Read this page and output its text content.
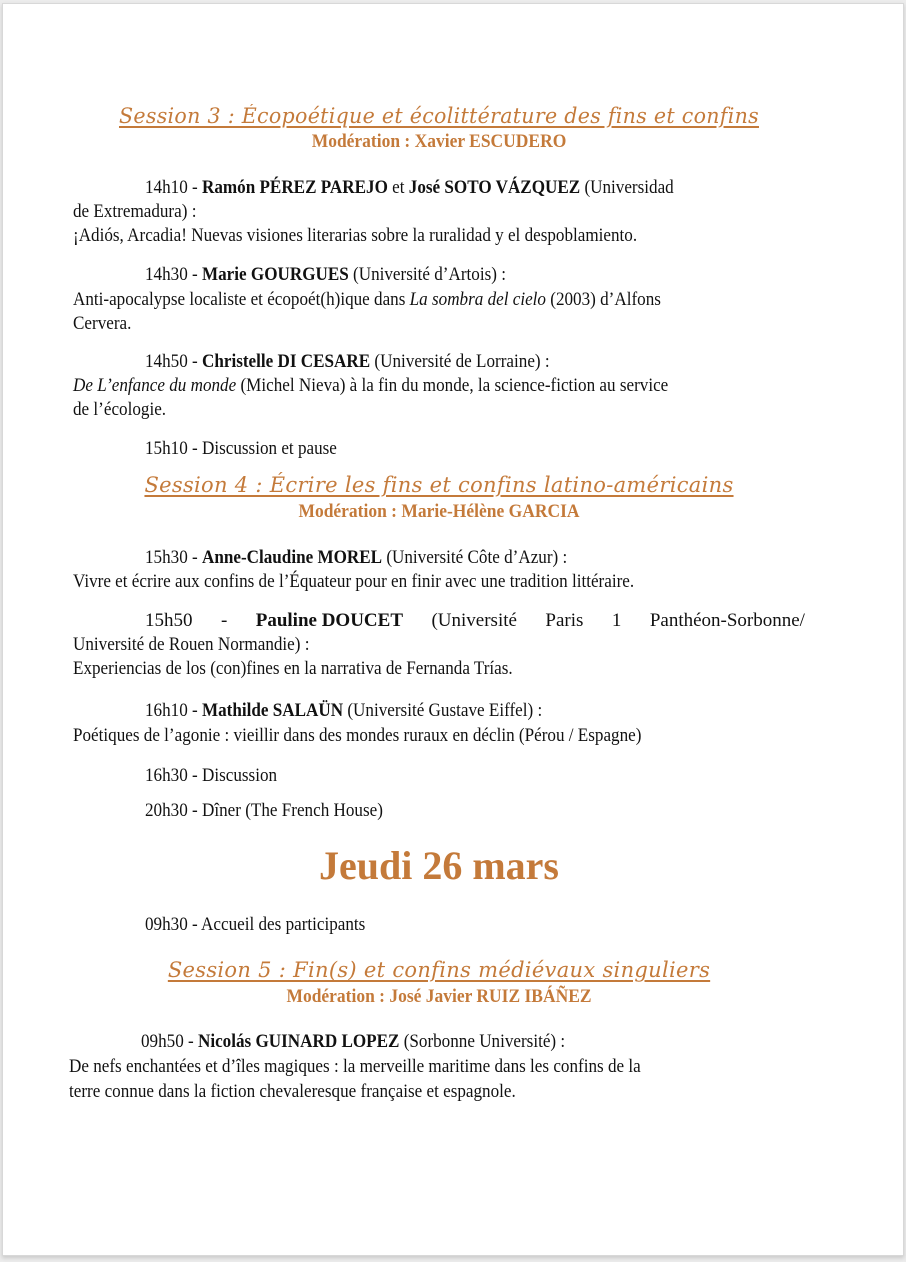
Session 3 : Écopoétique et écolittérature des fins et confins
Modération : Xavier ESCUDERO
14h10 - Ramón PÉREZ PAREJO et José SOTO VÁZQUEZ (Universidad
de Extremadura) :
¡Adiós, Arcadia! Nuevas visiones literarias sobre la ruralidad y el despoblamiento.
14h30 - Marie GOURGUES (Université d’Artois) :
Anti-apocalypse localiste et écopoét(h)ique dans La sombra del cielo (2003) d’Alfons
Cervera.
14h50 - Christelle DI CESARE (Université de Lorraine) :
De L’enfance du monde (Michel Nieva) à la fin du monde, la science-fiction au service
de l’écologie.
15h10 - Discussion et pause
Session 4 : Écrire les fins et confins latino-américains
Modération : Marie-Hélène GARCIA
15h30 - Anne-Claudine MOREL (Université Côte d’Azur) :
Vivre et écrire aux confins de l’Équateur pour en finir avec une tradition littéraire.
15h50 - Pauline DOUCET (Université Paris 1 Panthéon-Sorbonne/
Université de Rouen Normandie) :
Experiencias de los (con)fines en la narrativa de Fernanda Trías.
16h10 - Mathilde SALAÜN (Université Gustave Eiffel) :
Poétiques de l’agonie : vieillir dans des mondes ruraux en déclin (Pérou / Espagne)
16h30 - Discussion
20h30 - Dîner (The French House)
Jeudi 26 mars
09h30 - Accueil des participants
Session 5 : Fin(s) et confins médiévaux singuliers
Modération : José Javier RUIZ IBÁÑEZ
09h50 - Nicolás GUINARD LOPEZ (Sorbonne Université) :
De nefs enchantées et d’îles magiques : la merveille maritime dans les confins de la
terre connue dans la fiction chevaleresque française et espagnole.
